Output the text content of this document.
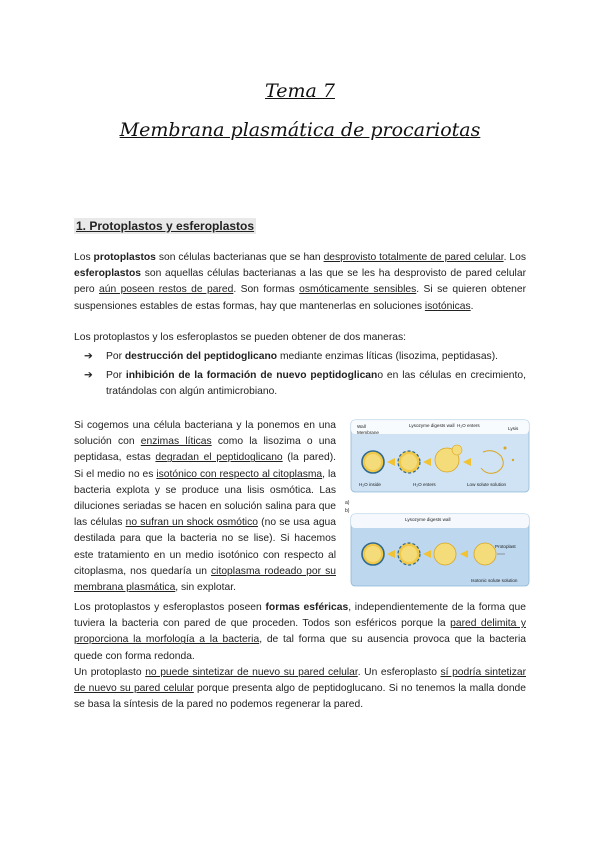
Tema 7
Membrana plasmática de procariotas
1. Protoplastos y esferoplastos
Los protoplastos son células bacterianas que se han desprovisto totalmente de pared celular. Los esferoplastos son aquellas células bacterianas a las que se les ha desprovisto de pared celular pero aún poseen restos de pared. Son formas osmóticamente sensibles. Si se quieren obtener suspensiones estables de estas formas, hay que mantenerlas en soluciones isotónicas.
Los protoplastos y los esferoplastos se pueden obtener de dos maneras:
➔ Por destrucción del peptidoglicano mediante enzimas líticas (lisozima, peptidasas).
➔ Por inhibición de la formación de nuevo peptidoglicano en las células en crecimiento, tratándolas con algún antimicrobiano.
Si cogemos una célula bacteriana y la ponemos en una solución con enzimas líticas como la lisozima o una peptidasa, estas degradan el peptidoglicano (la pared). Si el medio no es isotónico con respecto al citoplasma, la bacteria explota y se produce una lisis osmótica. Las diluciones seriadas se hacen en solución salina para que las células no sufran un shock osmótico (no se usa agua destilada para que la bacteria no se lise). Si hacemos este tratamiento en un medio isotónico con respecto al citoplasma, nos quedaría un citoplasma rodeado por su membrana plasmática, sin explotar.
a)
Wall
Membrane
Lysozyme digests wall H₂O enters
Lysis
H₂O inside	H₂O enters	Low solute solution
Lysozyme digests wall
Protoplast
Isotonic solute solution
b)
Los protoplastos y esferoplastos poseen formas esféricas, independientemente de la forma que tuviera la bacteria con pared de que proceden. Todos son esféricos porque la pared delimita y proporciona la morfología a la bacteria, de tal forma que su ausencia provoca que la bacteria quede con forma redonda.
Un protoplasto no puede sintetizar de nuevo su pared celular. Un esferoplasto sí podría sintetizar de nuevo su pared celular porque presenta algo de peptidoglucano. Si no tenemos la malla donde se basa la síntesis de la pared no podemos regenerar la pared.
